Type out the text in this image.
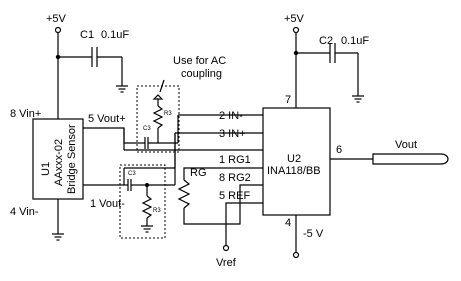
+5V
C1 0.1uF
U1 AAxxx-02 Bridge Sensor
8 Vin+
4 Vin-
5 Vout+
1 Vout-
Use for AC
coupling
C3
R3
C3
R3
RG
Vref
U2
INA118/BB
2 IN-
3 IN+
1 RG1
8 RG2
5 REF
7
4
6
+5V
C2 0.1uF
-5 V
Vout
